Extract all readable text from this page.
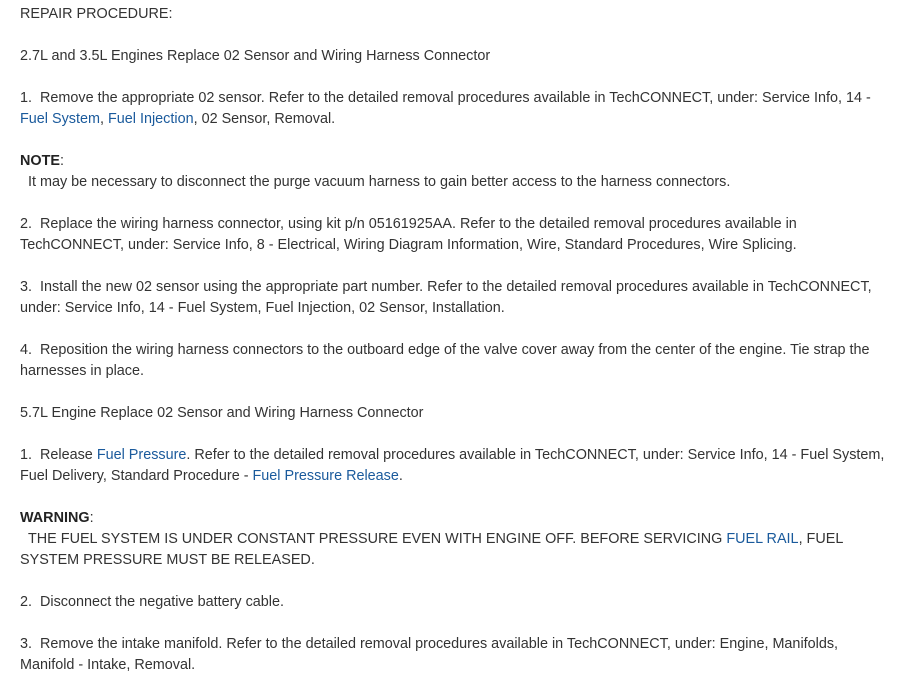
REPAIR PROCEDURE:

2.7L and 3.5L Engines Replace 02 Sensor and Wiring Harness Connector

1. Remove the appropriate 02 sensor. Refer to the detailed removal procedures available in TechCONNECT, under: Service Info, 14 - Fuel System, Fuel Injection, 02 Sensor, Removal.

NOTE:
It may be necessary to disconnect the purge vacuum harness to gain better access to the harness connectors.

2. Replace the wiring harness connector, using kit p/n 05161925AA. Refer to the detailed removal procedures available in TechCONNECT, under: Service Info, 8 - Electrical, Wiring Diagram Information, Wire, Standard Procedures, Wire Splicing.

3. Install the new 02 sensor using the appropriate part number. Refer to the detailed removal procedures available in TechCONNECT, under: Service Info, 14 - Fuel System, Fuel Injection, 02 Sensor, Installation.

4. Reposition the wiring harness connectors to the outboard edge of the valve cover away from the center of the engine. Tie strap the harnesses in place.

5.7L Engine Replace 02 Sensor and Wiring Harness Connector

1. Release Fuel Pressure. Refer to the detailed removal procedures available in TechCONNECT, under: Service Info, 14 - Fuel System, Fuel Delivery, Standard Procedure - Fuel Pressure Release.

WARNING:
THE FUEL SYSTEM IS UNDER CONSTANT PRESSURE EVEN WITH ENGINE OFF. BEFORE SERVICING FUEL RAIL, FUEL SYSTEM PRESSURE MUST BE RELEASED.

2. Disconnect the negative battery cable.

3. Remove the intake manifold. Refer to the detailed removal procedures available in TechCONNECT, under: Engine, Manifolds, Manifold - Intake, Removal.
